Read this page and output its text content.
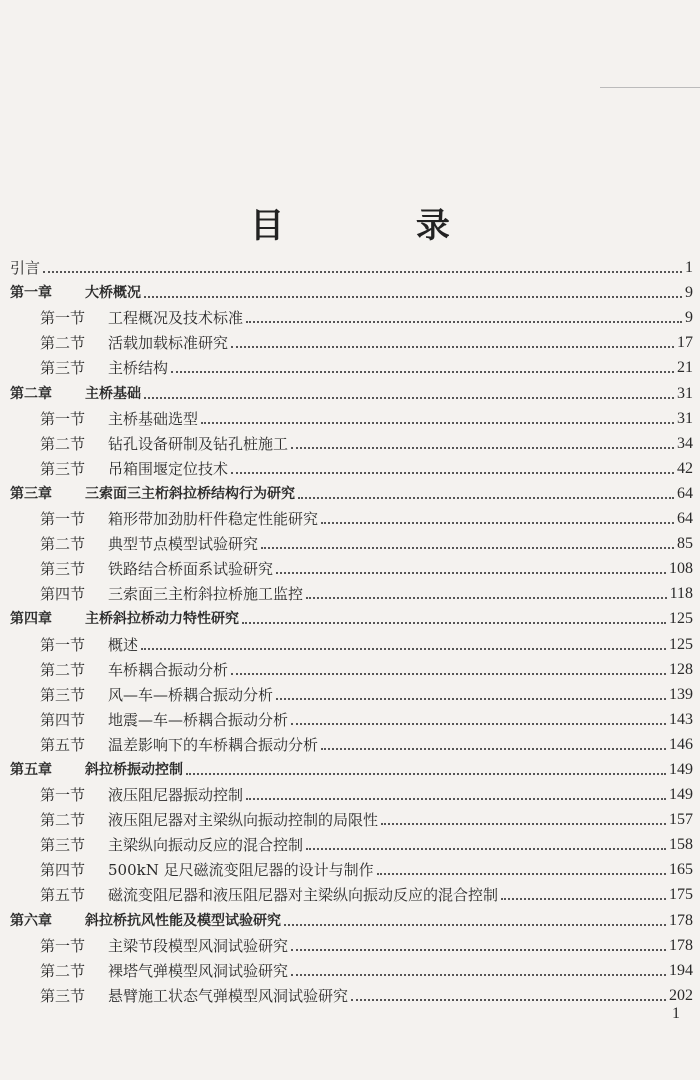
目 录
引言	1
第一章 大桥概况	9
第一节 工程概况及技术标准	9
第二节 活载加载标准研究	17
第三节 主桥结构	21
第二章 主桥基础	31
第一节 主桥基础选型	31
第二节 钻孔设备研制及钻孔桩施工	34
第三节 吊箱围堰定位技术	42
第三章 三索面三主桁斜拉桥结构行为研究	64
第一节 箱形带加劲肋杆件稳定性能研究	64
第二节 典型节点模型试验研究	85
第三节 铁路结合桥面系试验研究	108
第四节 三索面三主桁斜拉桥施工监控	118
第四章 主桥斜拉桥动力特性研究	125
第一节 概述	125
第二节 车桥耦合振动分析	128
第三节 风—车—桥耦合振动分析	139
第四节 地震—车—桥耦合振动分析	143
第五节 温差影响下的车桥耦合振动分析	146
第五章 斜拉桥振动控制	149
第一节 液压阻尼器振动控制	149
第二节 液压阻尼器对主梁纵向振动控制的局限性	157
第三节 主梁纵向振动反应的混合控制	158
第四节 500kN 足尺磁流变阻尼器的设计与制作	165
第五节 磁流变阻尼器和液压阻尼器对主梁纵向振动反应的混合控制	175
第六章 斜拉桥抗风性能及模型试验研究	178
第一节 主梁节段模型风洞试验研究	178
第二节 裸塔气弹模型风洞试验研究	194
第三节 悬臂施工状态气弹模型风洞试验研究	202
1
